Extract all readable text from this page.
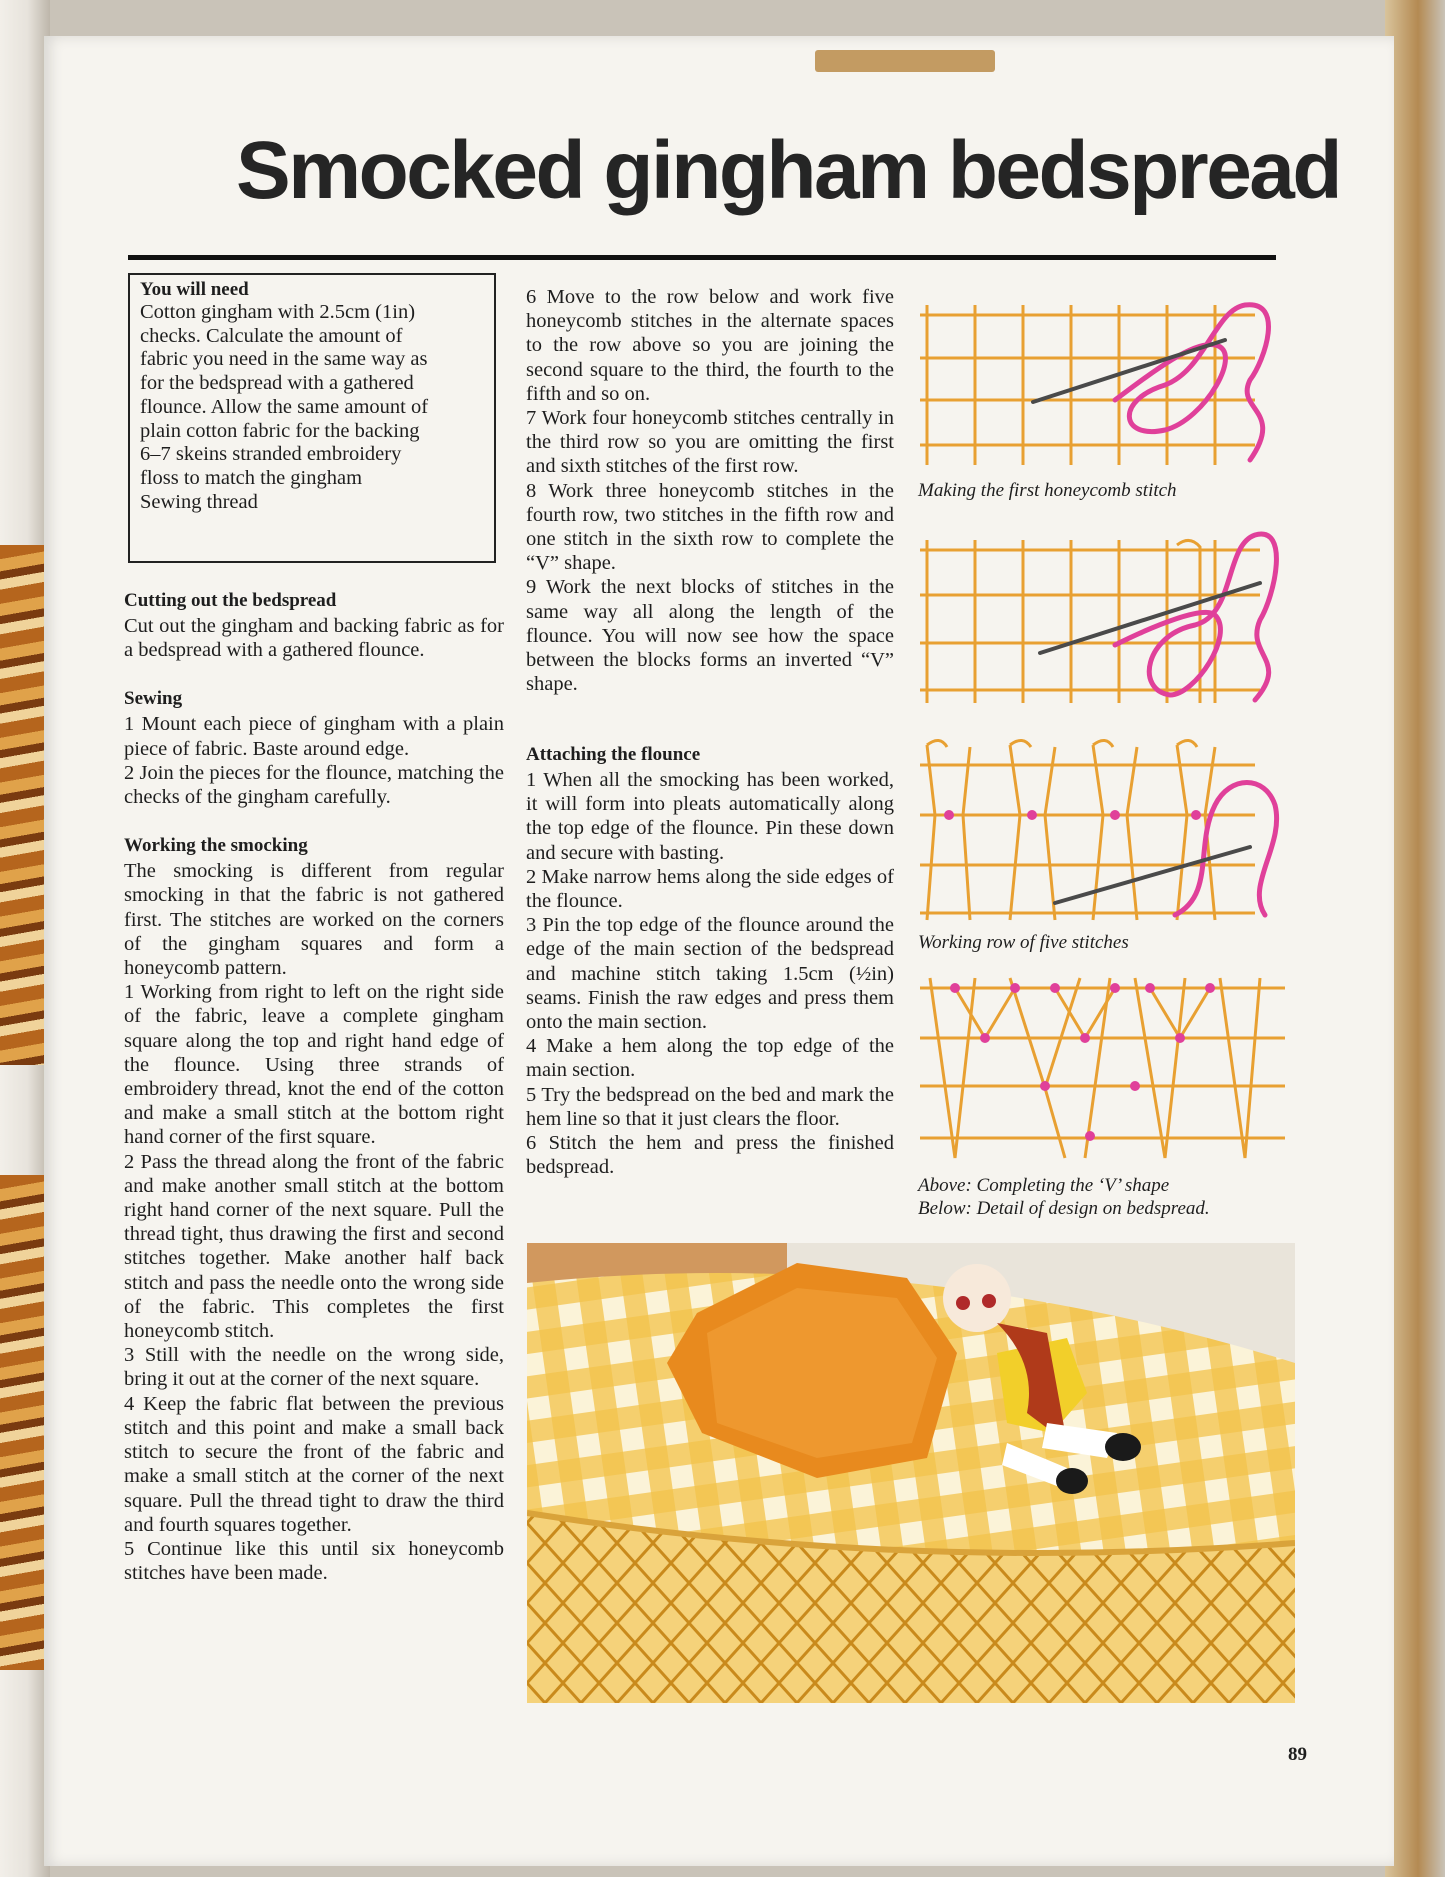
Smocked gingham bedspread
You will need

Cotton gingham with 2.5cm (1in)

checks. Calculate the amount of

fabric you need in the same way as

for the bedspread with a gathered

flounce. Allow the same amount of

plain cotton fabric for the backing

6–7 skeins stranded embroidery

floss to match the gingham

Sewing thread

Cutting out the bedspread

Cut out the gingham and backing fabric as for a bedspread with a gathered flounce.

Sewing

1 Mount each piece of gingham with a plain piece of fabric. Baste around edge.

2 Join the pieces for the flounce, matching the checks of the gingham carefully.

Working the smocking

The smocking is different from regular smocking in that the fabric is not gathered first. The stitches are worked on the corners of the gingham squares and form a honeycomb pattern.

1 Working from right to left on the right side of the fabric, leave a complete gingham square along the top and right hand edge of the flounce. Using three strands of embroidery thread, knot the end of the cotton and make a small stitch at the bottom right hand corner of the first square.

2 Pass the thread along the front of the fabric and make another small stitch at the bottom right hand corner of the next square. Pull the thread tight, thus drawing the first and second stitches together. Make another half back stitch and pass the needle onto the wrong side of the fabric. This completes the first honeycomb stitch.

3 Still with the needle on the wrong side, bring it out at the corner of the next square.

4 Keep the fabric flat between the previous stitch and this point and make a small back stitch to secure the front of the fabric and make a small stitch at the corner of the next square. Pull the thread tight to draw the third and fourth squares together.

5 Continue like this until six honeycomb stitches have been made.

6 Move to the row below and work five honeycomb stitches in the alternate spaces to the row above so you are joining the second square to the third, the fourth to the fifth and so on.

7 Work four honeycomb stitches centrally in the third row so you are omitting the first and sixth stitches of the first row.

8 Work three honeycomb stitches in the fourth row, two stitches in the fifth row and one stitch in the sixth row to complete the “V” shape.

9 Work the next blocks of stitches in the same way all along the length of the flounce. You will now see how the space between the blocks forms an inverted “V” shape.

Attaching the flounce

1 When all the smocking has been worked, it will form into pleats automatically along the top edge of the flounce. Pin these down and secure with basting.

2 Make narrow hems along the side edges of the flounce.

3 Pin the top edge of the flounce around the edge of the main section of the bedspread and machine stitch taking 1.5cm (½in) seams. Finish the raw edges and press them onto the main section.

4 Make a hem along the top edge of the main section.

5 Try the bedspread on the bed and mark the hem line so that it just clears the floor.

6 Stitch the hem and press the finished bedspread.

Making the first honeycomb stitch
Working row of five stitches
Above: Completing the ‘V’ shape
Below: Detail of design on bedspread.
89
